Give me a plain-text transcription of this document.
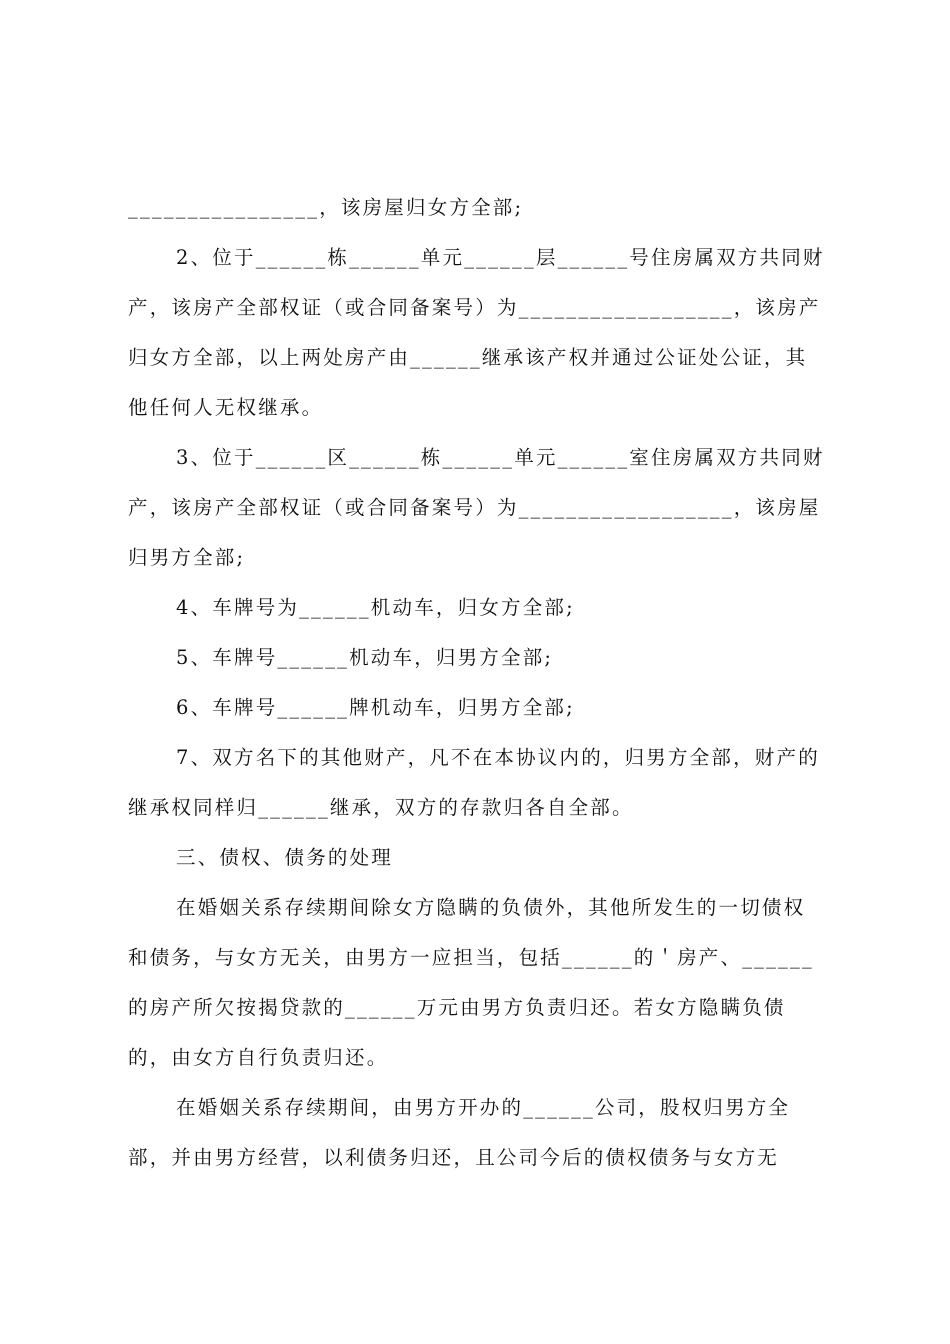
________________，该房屋归女方全部;
2、位于______栋______单元______层______号住房属双方共同财
产，该房产全部权证（或合同备案号）为__________________，该房产
归女方全部，以上两处房产由______继承该产权并通过公证处公证，其
他任何人无权继承。
3、位于______区______栋______单元______室住房属双方共同财
产，该房产全部权证（或合同备案号）为__________________，该房屋
归男方全部;
4、车牌号为______机动车，归女方全部;
5、车牌号______机动车，归男方全部;
6、车牌号______牌机动车，归男方全部;
7、双方名下的其他财产，凡不在本协议内的，归男方全部，财产的
继承权同样归______继承，双方的存款归各自全部。
三、债权、债务的处理
在婚姻关系存续期间除女方隐瞒的负债外，其他所发生的一切债权
和债务，与女方无关，由男方一应担当，包括______的＇房产、______
的房产所欠按揭贷款的______万元由男方负责归还。若女方隐瞒负债
的，由女方自行负责归还。
在婚姻关系存续期间，由男方开办的______公司，股权归男方全
部，并由男方经营，以利债务归还，且公司今后的债权债务与女方无
